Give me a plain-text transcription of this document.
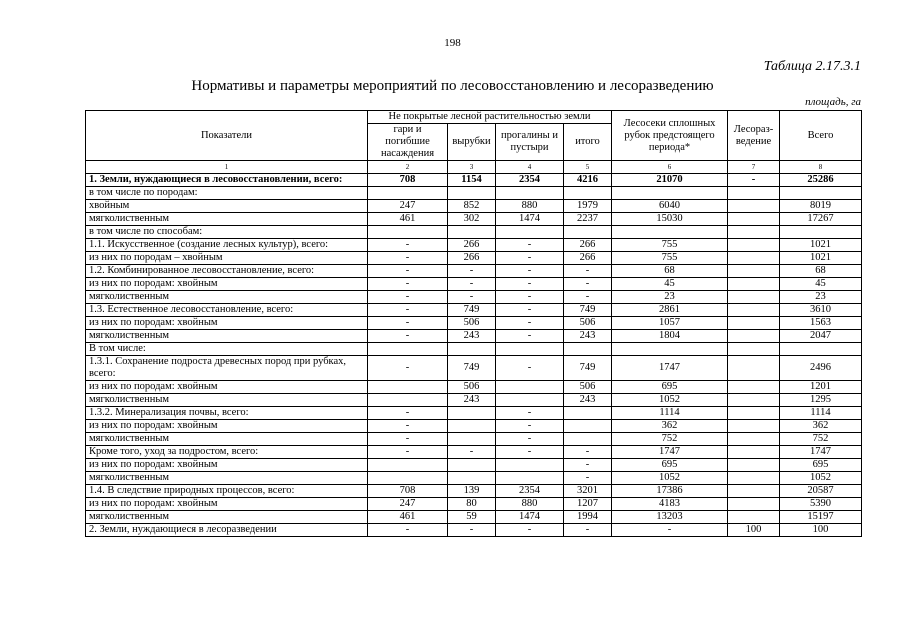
198
Таблица 2.17.3.1
Нормативы и параметры мероприятий по лесовосстановлению и лесоразведению
площадь, га
Показатели	Не покрытые лесной растительностью земли				Лесосеки сплошных рубок предстоящего периода*	Лесораз-ведение	Всего
	гари и погибшие насаждения	вырубки	прогалины и пустыри	итого			
1	2	3	4	5	6	7	8
1. Земли, нуждающиеся в лесовосстановлении, всего:	708	1154	2354	4216	21070	-	25286
в том числе по породам:							
хвойным	247	852	880	1979	6040		8019
мягколиственным	461	302	1474	2237	15030		17267
в том числе по способам:							
1.1. Искусственное (создание лесных культур), всего:	-	266	-	266	755		1021
из них по породам – хвойным	-	266	-	266	755		1021
1.2. Комбинированное лесовосстановление, всего:	-	-	-	-	68		68
из них по породам: хвойным	-	-	-	-	45		45
мягколиственным	-	-	-	-	23		23
1.3. Естественное лесовосстановление, всего:	-	749	-	749	2861		3610
из них по породам: хвойным	-	506	-	506	1057		1563
мягколиственным	-	243	-	243	1804		2047
В том числе:							
1.3.1. Сохранение подроста древесных пород при рубках, всего:	-	749	-	749	1747		2496
из них по породам: хвойным		506		506	695		1201
мягколиственным		243		243	1052		1295
1.3.2. Минерализация почвы, всего:	-		-		1114		1114
из них по породам: хвойным	-		-		362		362
мягколиственным	-		-		752		752
Кроме того, уход за подростом, всего:	-	-	-	-	1747		1747
из них по породам: хвойным				-	695		695
мягколиственным				-	1052		1052
1.4. В следствие природных процессов, всего:	708	139	2354	3201	17386		20587
из них по породам: хвойным	247	80	880	1207	4183		5390
мягколиственным	461	59	1474	1994	13203		15197
2. Земли, нуждающиеся в лесоразведении	-	-	-	-	-	100	100
